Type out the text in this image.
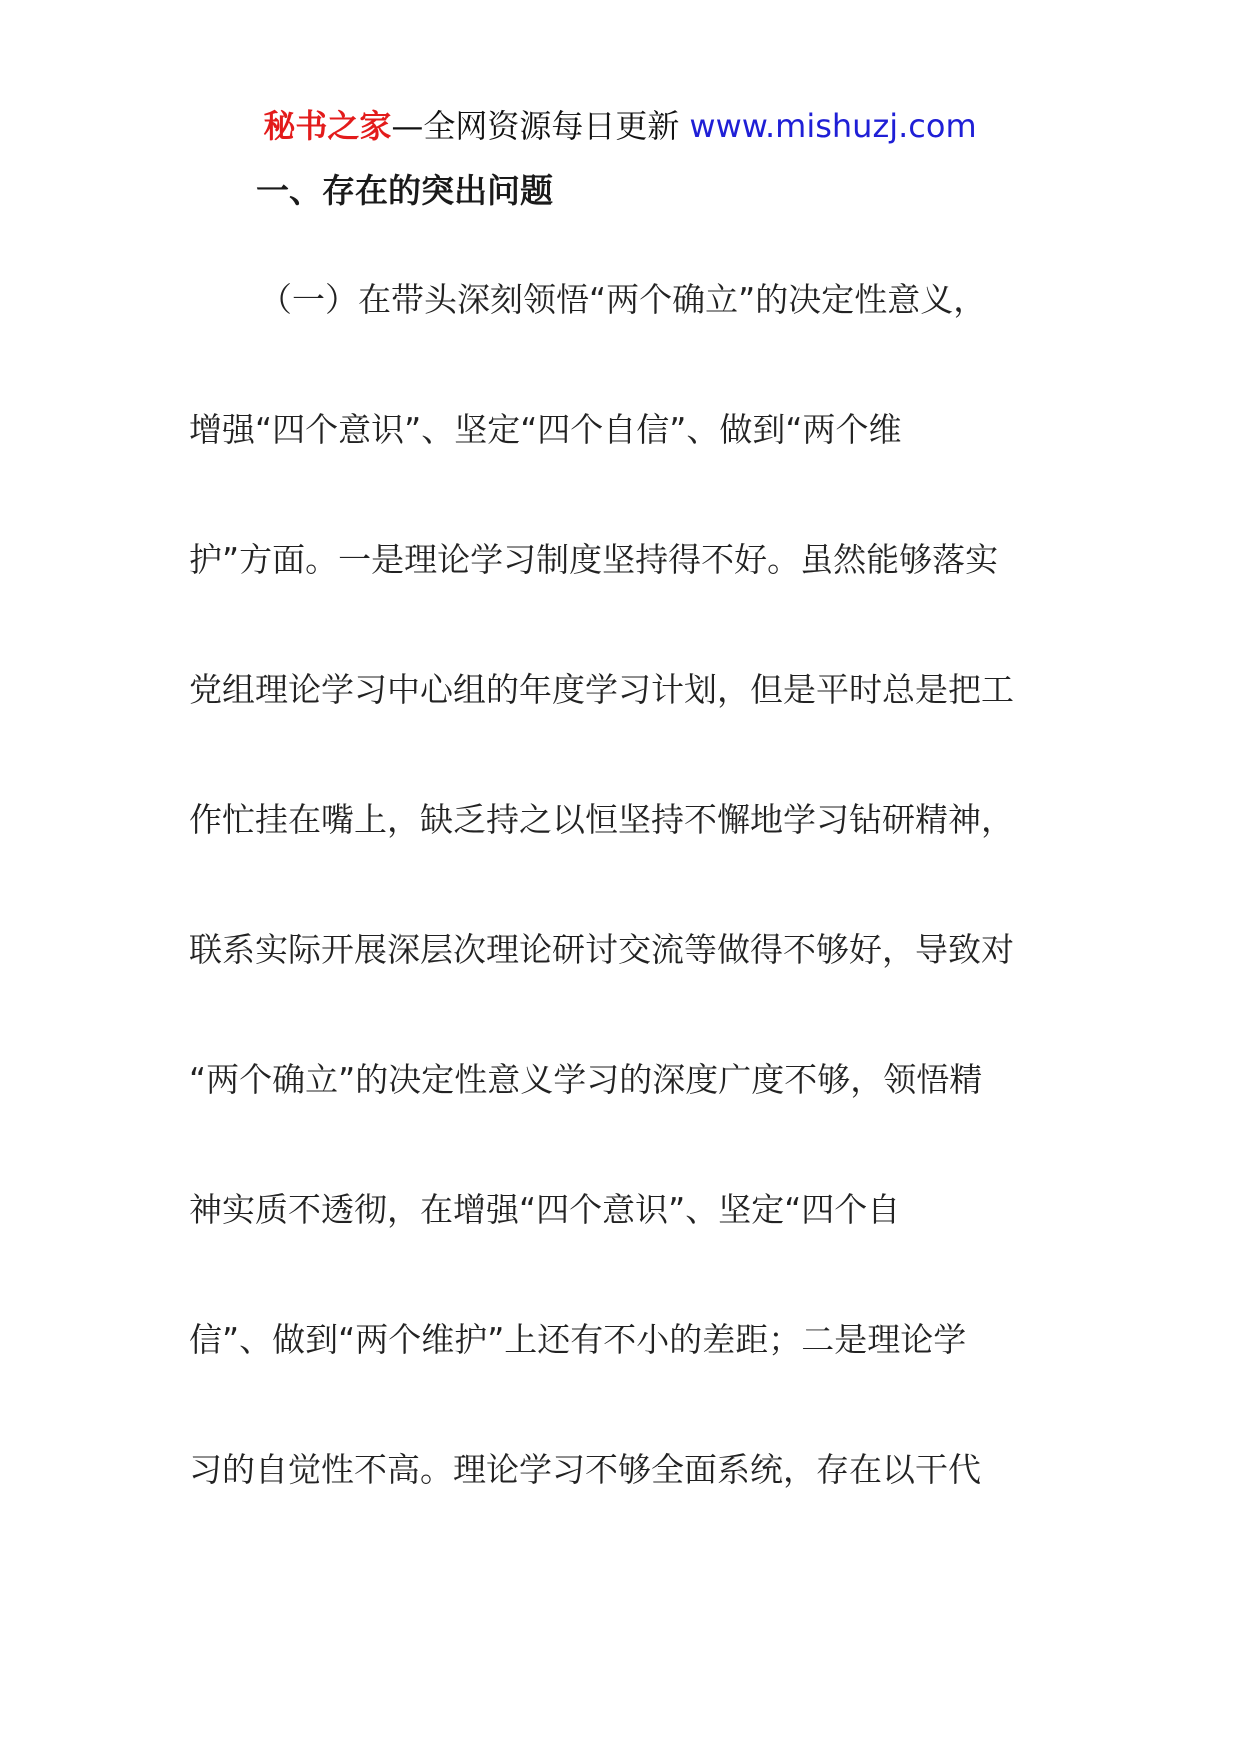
秘书之家—全网资源每日更新 www.mishuzj.com
一、存在的突出问题
（一）在带头深刻领悟“两个确立”的决定性意义，
增强“四个意识”、坚定“四个自信”、做到“两个维
护”方面。一是理论学习制度坚持得不好。虽然能够落实
党组理论学习中心组的年度学习计划，但是平时总是把工
作忙挂在嘴上，缺乏持之以恒坚持不懈地学习钻研精神，
联系实际开展深层次理论研讨交流等做得不够好，导致对
“两个确立”的决定性意义学习的深度广度不够，领悟精
神实质不透彻，在增强“四个意识”、坚定“四个自
信”、做到“两个维护”上还有不小的差距；二是理论学
习的自觉性不高。理论学习不够全面系统，存在以干代
